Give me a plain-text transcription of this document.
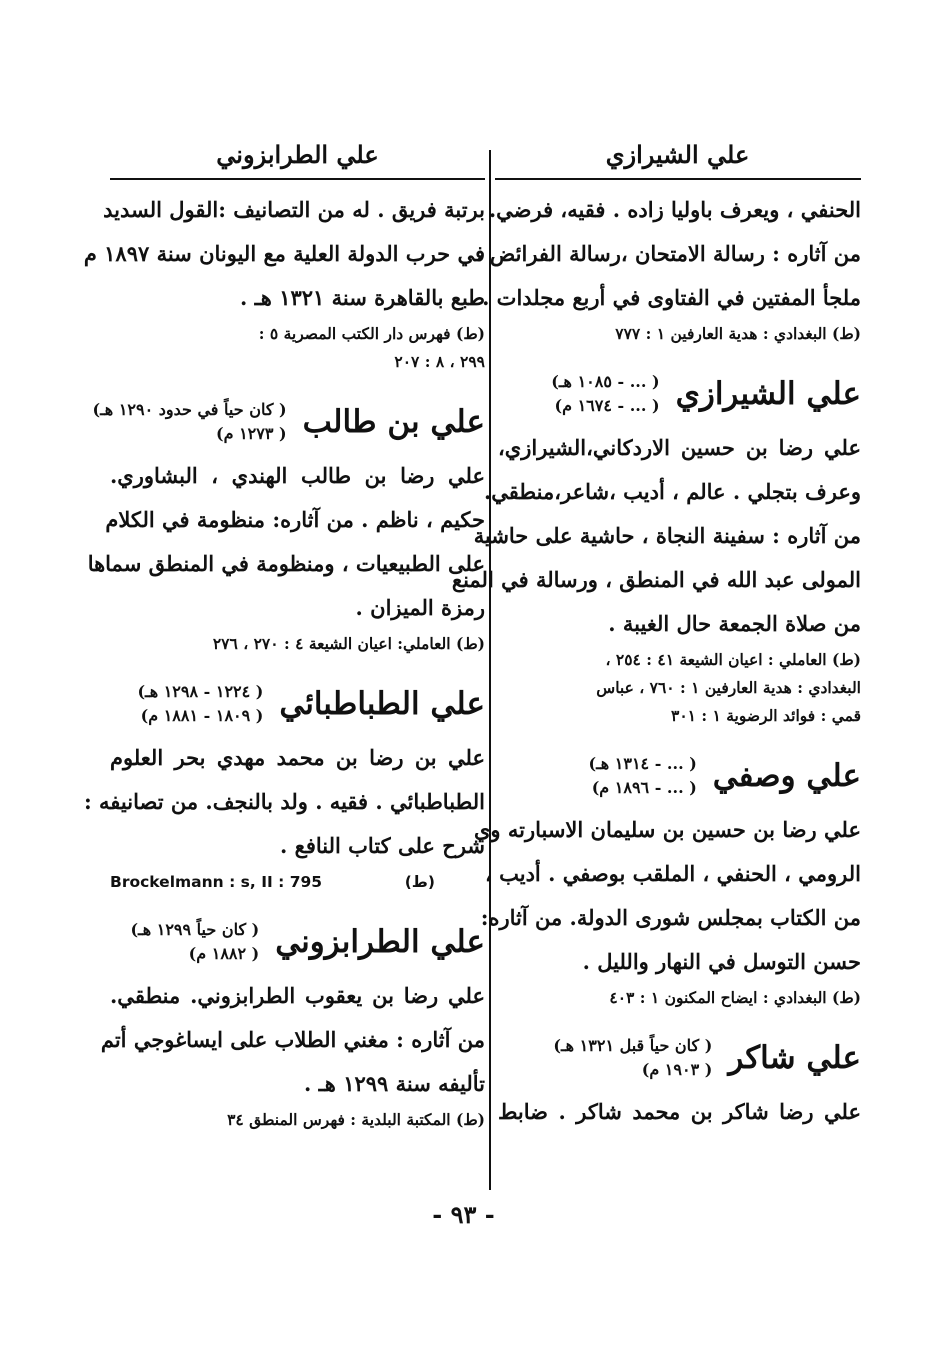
علي الشيرازي
علي الطرابزوني
الحنفي ، ويعرف باوليا زاده . فقيه، فرضي.
من آثاره : رسالة الامتحان ،رسالة الفرائض ،
ملجأ المفتين في الفتاوى في أربع مجلدات .
(ط) البغدادي : هدية العارفين ١ : ٧٧٧
علي الشيرازي
( ... - ١٠٨٥ هـ)
( ... - ١٦٧٤ م)
علي رضا بن حسين الاردكاني،الشيرازي،
وعرف بتجلي . عالم ، أديب ،شاعر،منطقي.
من آثاره : سفينة النجاة ، حاشية على حاشية
المولى عبد الله في المنطق ، ورسالة في المنع
من صلاة الجمعة حال الغيبة .
(ط) العاملي : اعيان الشيعة ٤١ : ٢٥٤ ،
البغدادي : هدية العارفين ١ : ٧٦٠ ، عباس
قمي : فوائد الرضوية ١ : ٣٠١
علي وصفي
( ... - ١٣١٤ هـ)
( ... - ١٨٩٦ م)
علي رضا بن حسين بن سليمان الاسبارته وي
الرومي ، الحنفي ، الملقب بوصفي . أديب ،
من الكتاب بمجلس شورى الدولة. من آثاره:
حسن التوسل في النهار والليل .
(ط) البغدادي : ايضاح المكنون ١ : ٤٠٣
علي شاكر
( كان حياً قبل ١٣٢١ هـ)
( ١٩٠٣ م)
علي رضا شاكر بن محمد شاكر . ضابط
برتبة فريق . له من التصانيف :القول السديد
في حرب الدولة العلية مع اليونان سنة ١٨٩٧ م
طبع بالقاهرة سنة ١٣٢١ هـ .
(ط) فهرس دار الكتب المصرية ٥ :
٢٩٩ ، ٨ : ٢٠٧
علي بن طالب
( كان حياً في حدود ١٢٩٠ هـ)
( ١٢٧٣ م)
علي رضا بن طالب الهندي ، البشاوري.
حكيم ، ناظم . من آثاره: منظومة في الكلام
على الطبيعيات ، ومنظومة في المنطق سماها
رمزة الميزان .
(ط) العاملي: اعيان الشيعة ٤ : ٢٧٠ ، ٢٧٦
علي الطباطبائي
( ١٢٢٤ - ١٢٩٨ هـ)
( ١٨٠٩ - ١٨٨١ م)
علي بن رضا بن محمد مهدي بحر العلوم
الطباطبائي . فقيه . ولد بالنجف. من تصانيفه :
شرح على كتاب النافع .
Brockelmann : s, II : 795	(ط)
علي الطرابزوني
( كان حياً ١٢٩٩ هـ)
( ١٨٨٢ م)
علي رضا بن يعقوب الطرابزوني. منطقي.
من آثاره : مغني الطلاب على ايساغوجي أتم
تأليفه سنة ١٢٩٩ هـ .
(ط) المكتبة البلدية : فهرس المنطق ٣٤
- ٩٣ -
